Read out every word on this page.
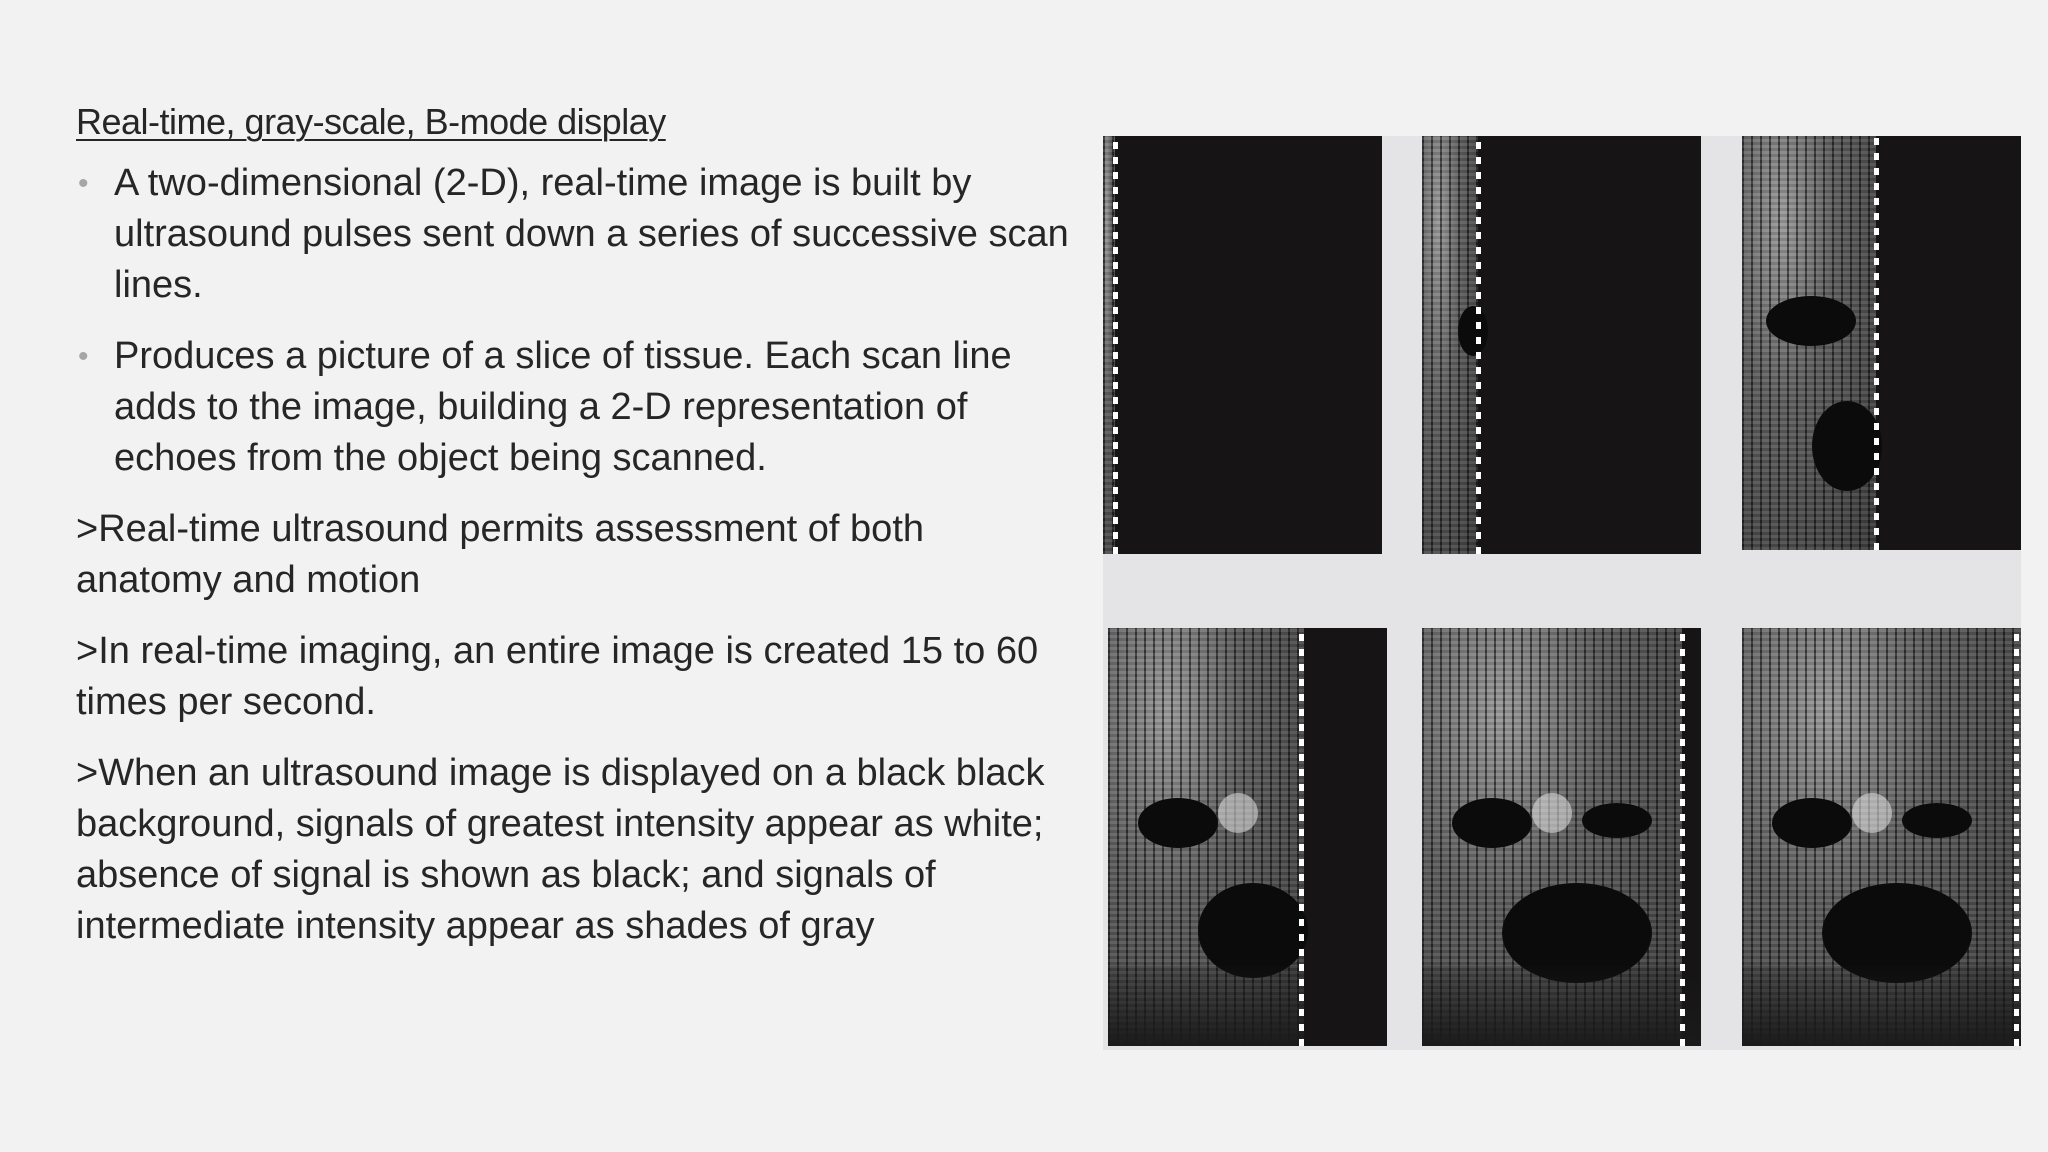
Real-time, gray-scale, B-mode display
• A two-dimensional (2-D), real-time image is built by ultrasound pulses sent down a series of successive scan lines.
• Produces a picture of a slice of tissue. Each scan line adds to the image, building a 2-D representation of echoes from the object being scanned.

>Real-time ultrasound permits assessment of both anatomy and motion

>In real-time imaging, an entire image is created 15 to 60 times per second.

>When an ultrasound image is displayed on a black black background, signals of greatest intensity appear as white; absence of signal is shown as black; and signals of intermediate intensity appear as shades of gray
